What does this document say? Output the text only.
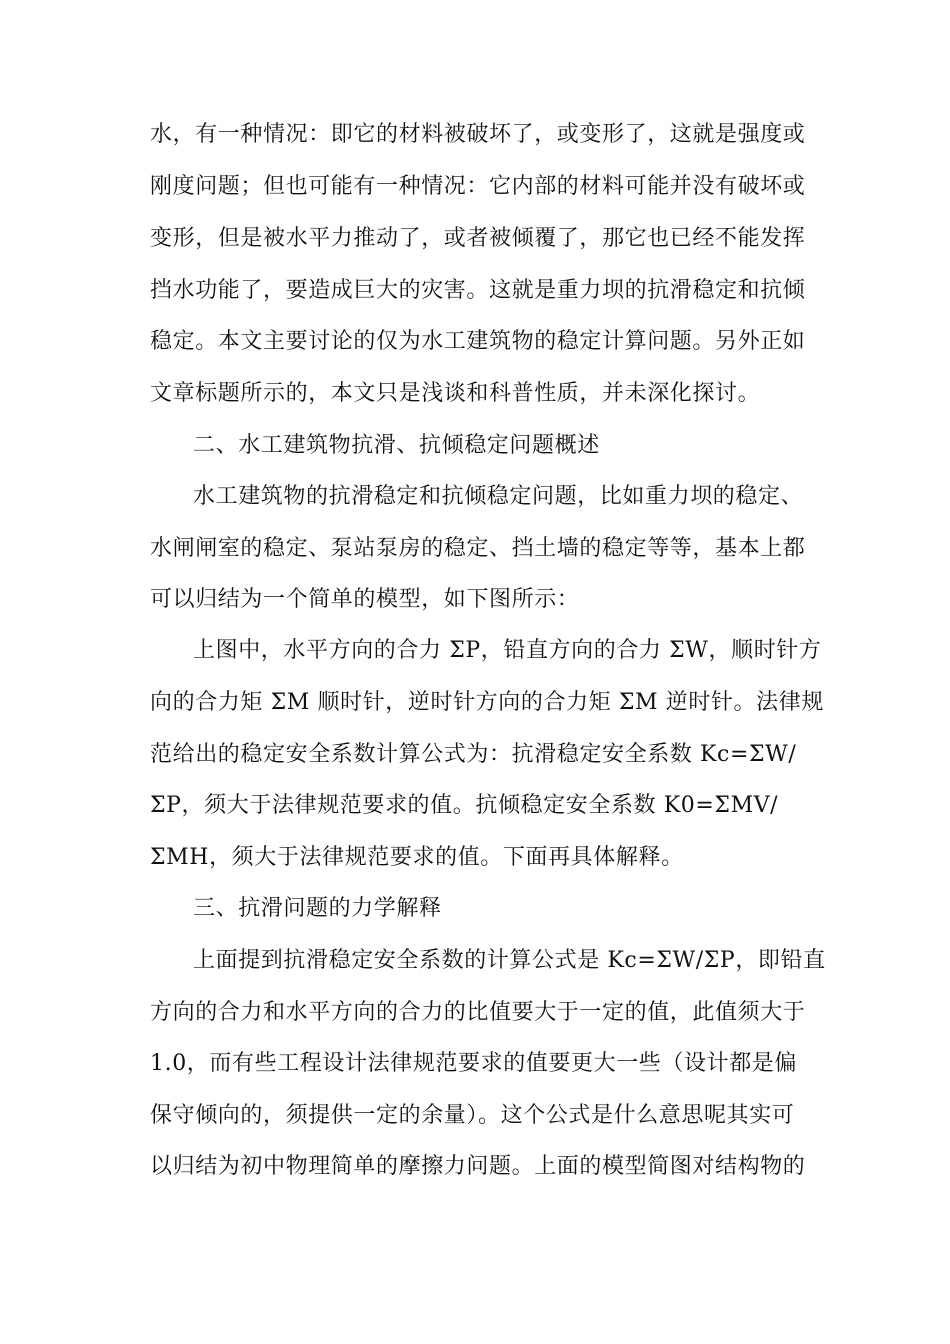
水，有一种情况：即它的材料被破坏了，或变形了，这就是强度或
刚度问题；但也可能有一种情况：它内部的材料可能并没有破坏或
变形，但是被水平力推动了，或者被倾覆了，那它也已经不能发挥
挡水功能了，要造成巨大的灾害。这就是重力坝的抗滑稳定和抗倾
稳定。本文主要讨论的仅为水工建筑物的稳定计算问题。另外正如
文章标题所示的，本文只是浅谈和科普性质，并未深化探讨。
二、水工建筑物抗滑、抗倾稳定问题概述
水工建筑物的抗滑稳定和抗倾稳定问题，比如重力坝的稳定、
水闸闸室的稳定、泵站泵房的稳定、挡土墙的稳定等等，基本上都
可以归结为一个简单的模型，如下图所示：
上图中，水平方向的合力 ΣP，铅直方向的合力 ΣW，顺时针方
向的合力矩 ΣM 顺时针，逆时针方向的合力矩 ΣM 逆时针。法律规
范给出的稳定安全系数计算公式为：抗滑稳定安全系数 Kc=ΣW/
ΣP，须大于法律规范要求的值。抗倾稳定安全系数 K0=ΣMV/
ΣMH，须大于法律规范要求的值。下面再具体解释。
三、抗滑问题的力学解释
上面提到抗滑稳定安全系数的计算公式是 Kc=ΣW/ΣP，即铅直
方向的合力和水平方向的合力的比值要大于一定的值，此值须大于
1.0，而有些工程设计法律规范要求的值要更大一些（设计都是偏
保守倾向的，须提供一定的余量）。这个公式是什么意思呢其实可
以归结为初中物理简单的摩擦力问题。上面的模型简图对结构物的
